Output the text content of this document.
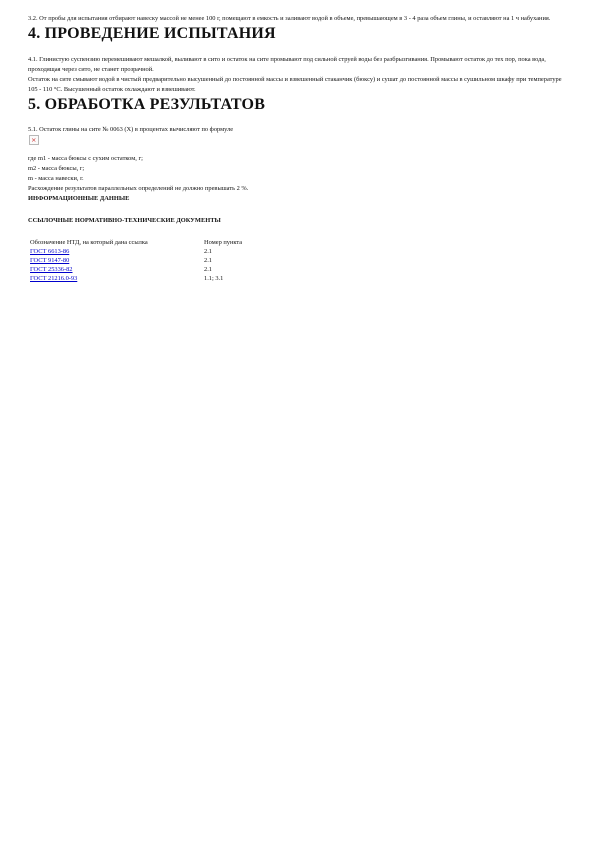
3.2. От пробы для испытания отбирают навеску массой не менее 100 г, помещают в емкость и заливают водой в объеме, превышающем в 3 - 4 раза объем глины, и оставляют на 1 ч набухания.

4. ПРОВЕДЕНИЕ ИСПЫТАНИЯ

4.1. Глинистую суспензию перемешивают мешалкой, выливают в сито и остаток на сите промывают под сильной струей воды без разбрызгивания. Промывают остаток до тех пор, пока вода, проходящая через сито, не станет прозрачной.

Остаток на сите смывают водой в чистый предварительно высушенный до постоянной массы и взвешенный стаканчик (бюксу) и сушат до постоянной массы в сушильном шкафу при температуре 105 - 110 °С. Высушенный остаток охлаждают и взвешивают.

5. ОБРАБОТКА РЕЗУЛЬТАТОВ

5.1. Остаток глины на сите № 0063 (Х) в процентах вычисляют по формуле

×

где m1 - масса бюксы с сухим остатком, г;

m2 - масса бюксы, г;

m - масса навески, г.

Расхождение результатов параллельных определений не должно превышать 2 %.

ИНФОРМАЦИОННЫЕ ДАННЫЕ

ССЫЛОЧНЫЕ НОРМАТИВНО-ТЕХНИЧЕСКИЕ ДОКУМЕНТЫ

Обозначение НТД, на который дана ссылка	Номер пункта
ГОСТ 6613-86	2.1
ГОСТ 9147-80	2.1
ГОСТ 25336-82	2.1
ГОСТ 21216.0-93	1.1; 3.1
